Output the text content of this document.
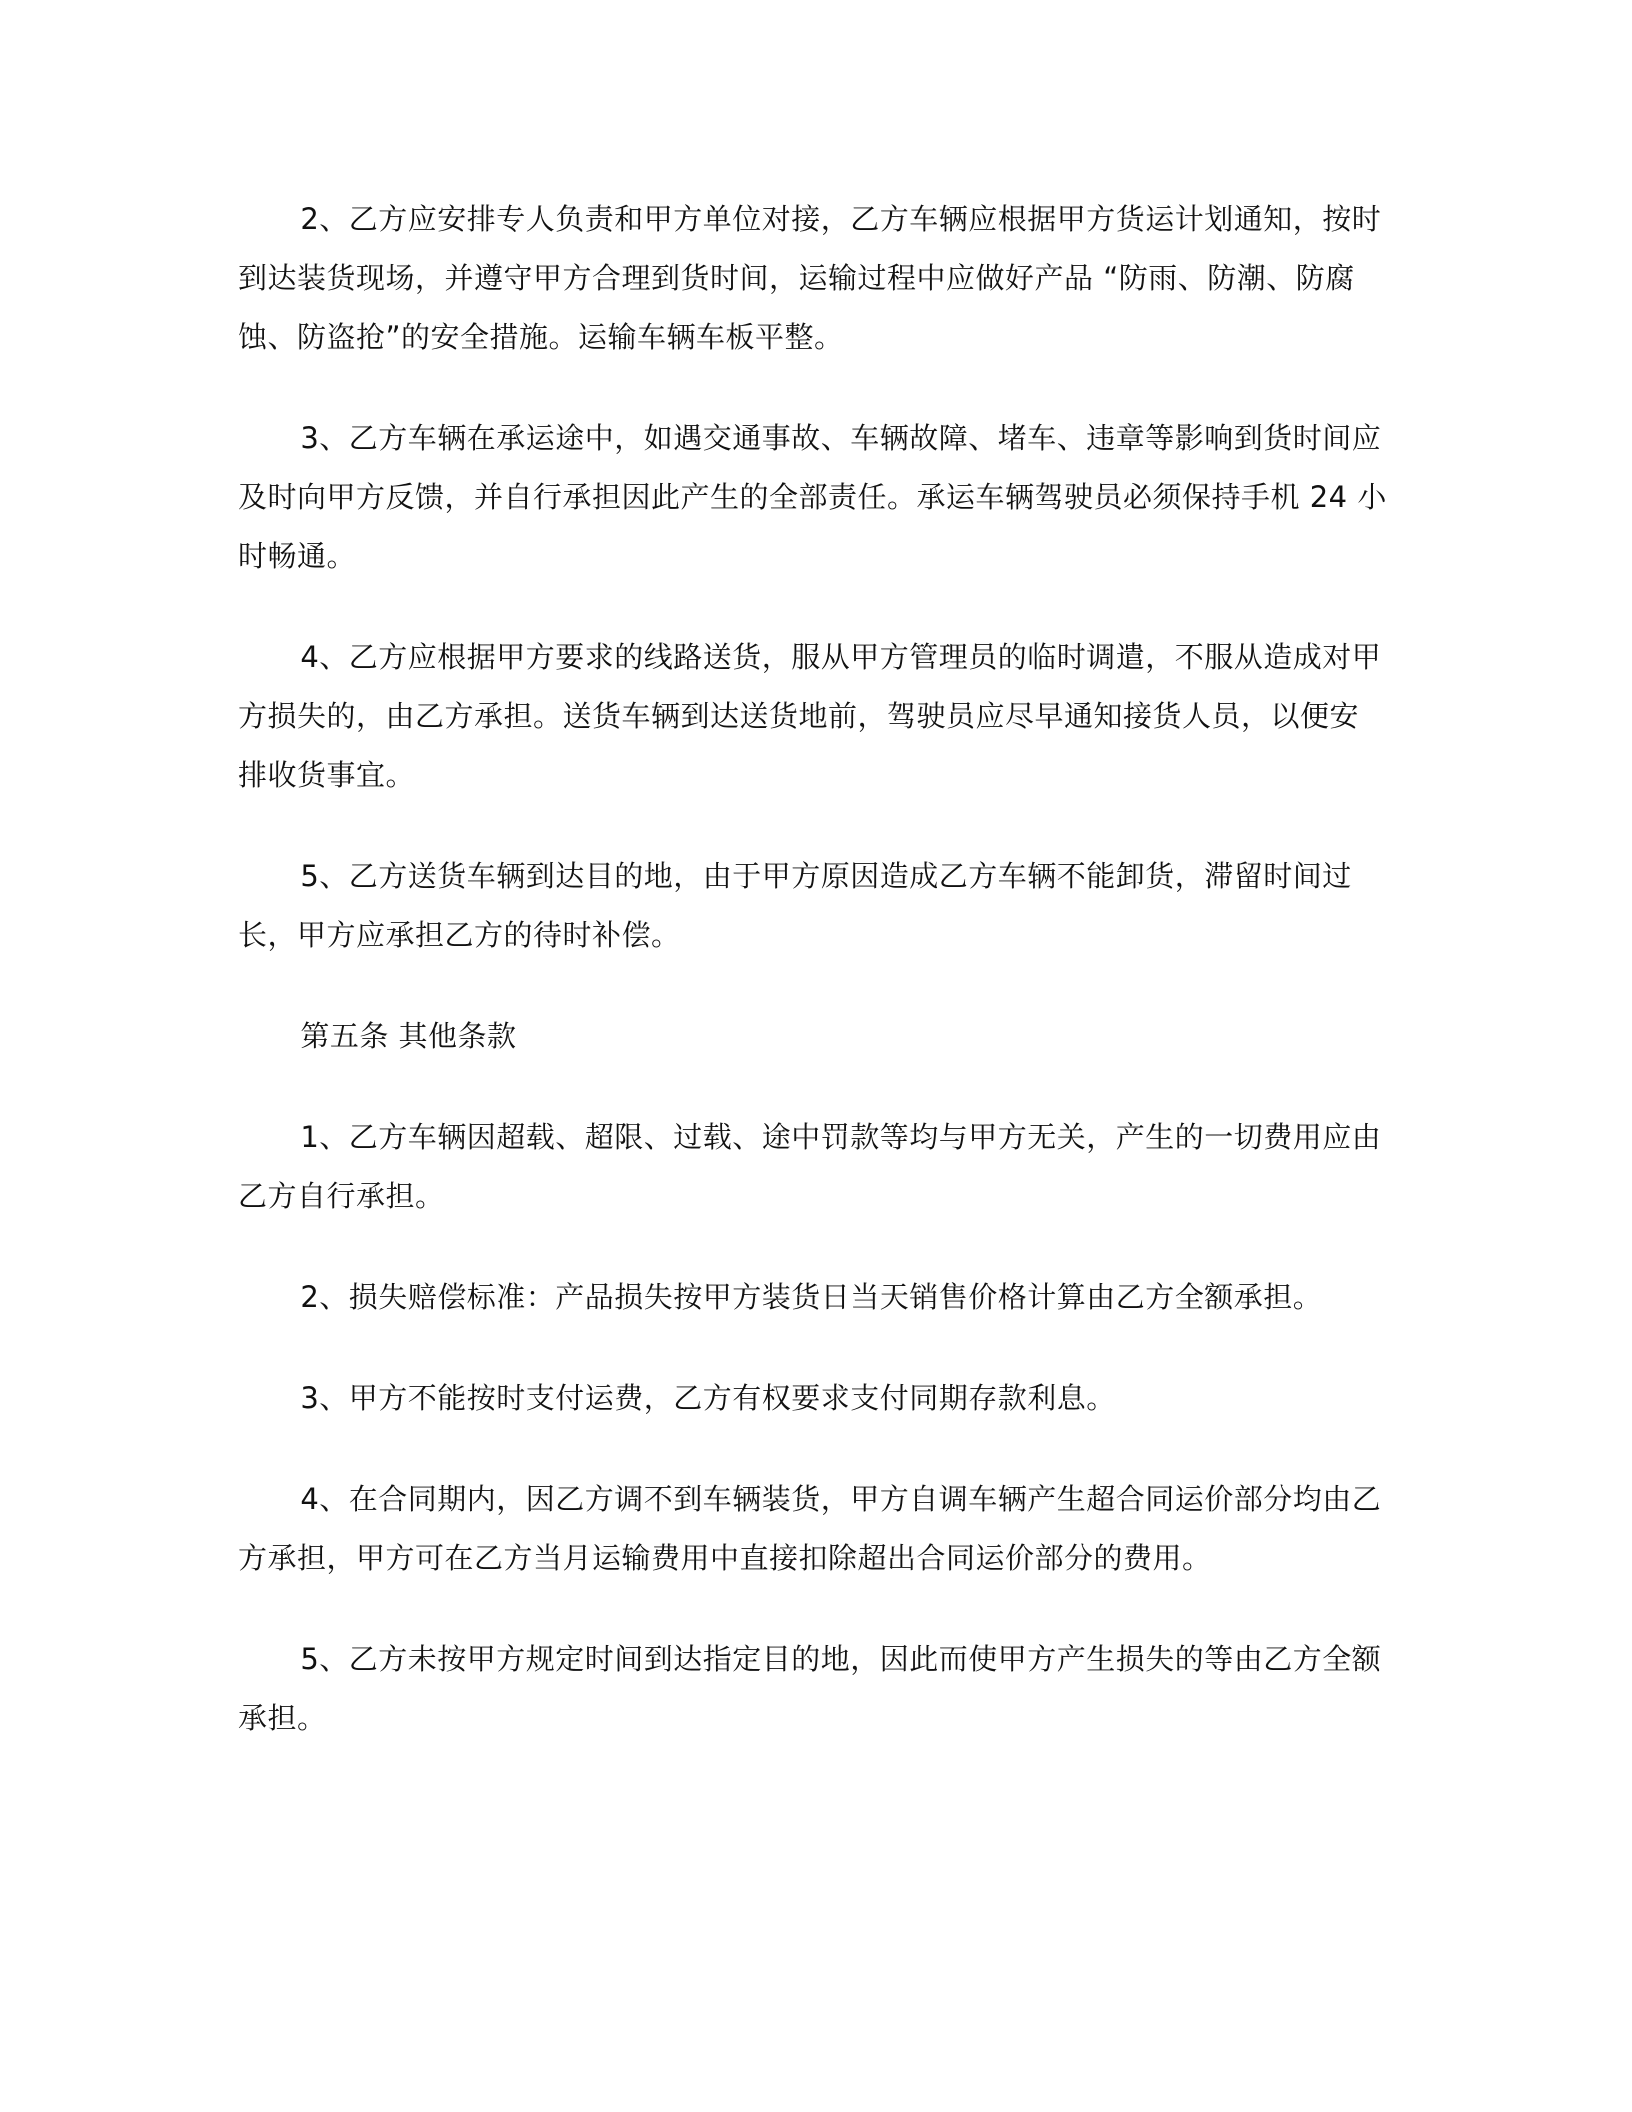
2、乙方应安排专人负责和甲方单位对接，乙方车辆应根据甲方货运计划通知，按时到达装货现场，并遵守甲方合理到货时间，运输过程中应做好产品 “防雨、防潮、防腐蚀、防盗抢”的安全措施。运输车辆车板平整。

3、乙方车辆在承运途中，如遇交通事故、车辆故障、堵车、违章等影响到货时间应及时向甲方反馈，并自行承担因此产生的全部责任。承运车辆驾驶员必须保持手机 24 小时畅通。

4、乙方应根据甲方要求的线路送货，服从甲方管理员的临时调遣，不服从造成对甲方损失的，由乙方承担。送货车辆到达送货地前，驾驶员应尽早通知接货人员，以便安排收货事宜。

5、乙方送货车辆到达目的地，由于甲方原因造成乙方车辆不能卸货，滞留时间过长，甲方应承担乙方的待时补偿。

第五条 其他条款

1、乙方车辆因超载、超限、过载、途中罚款等均与甲方无关，产生的一切费用应由乙方自行承担。

2、损失赔偿标准：产品损失按甲方装货日当天销售价格计算由乙方全额承担。

3、甲方不能按时支付运费，乙方有权要求支付同期存款利息。

4、在合同期内，因乙方调不到车辆装货，甲方自调车辆产生超合同运价部分均由乙方承担，甲方可在乙方当月运输费用中直接扣除超出合同运价部分的费用。

5、乙方未按甲方规定时间到达指定目的地，因此而使甲方产生损失的等由乙方全额承担。
